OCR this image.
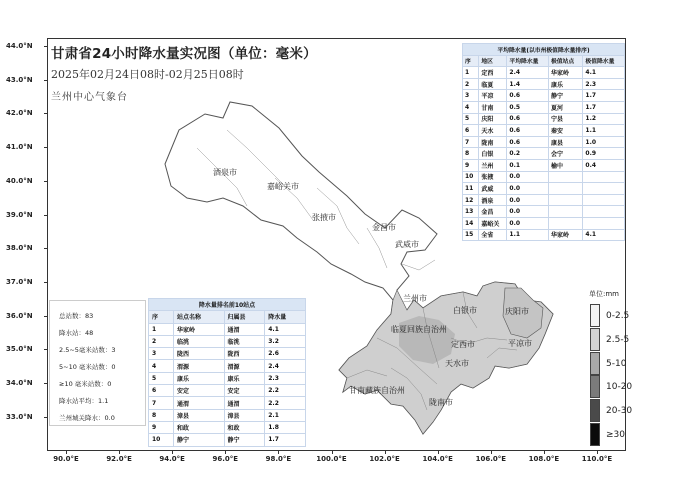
44.0°N
43.0°N
42.0°N
41.0°N
40.0°N
39.0°N
38.0°N
37.0°N
36.0°N
35.0°N
34.0°N
33.0°N
90.0°E	92.0°E	94.0°E	96.0°E	98.0°E	100.0°E	102.0°E	104.0°E	106.0°E	108.0°E	110.0°E
酒泉市
嘉峪关市
张掖市
金昌市
武威市
白银市
兰州市
庆阳市
临夏回族自治州
定西市	平凉市
天水市
甘南藏族自治州
陇南市
甘肃省24小时降水量实况图（单位：毫米）
2025年02月24日08时-02月25日08时
兰州中心气象台
平均降水量(以市州极值降水量排序)				
序	地区	平均降水量	极值站点	极值降水量
1	定西	2.4	华家岭	4.1
2	临夏	1.4	康乐	2.3
3	平凉	0.6	静宁	1.7
4	甘南	0.5	夏河	1.7
5	庆阳	0.6	宁县	1.2
6	天水	0.6	秦安	1.1
7	陇南	0.6	康县	1.0
8	白银	0.2	会宁	0.9
9	兰州	0.1	榆中	0.4
10	张掖	0.0		
11	武威	0.0		
12	酒泉	0.0		
13	金昌	0.0		
14	嘉峪关	0.0		
15	全省	1.1	华家岭	4.1
总站数：83
降水站：48
2.5~5毫米站数：3
5~10 毫米站数：0
≥10 毫米站数：0
降水站平均：1.1
兰州城关降水：0.0
降水量排名前10站点			
序	站点名称	归属县	降水量
1	华家岭	通渭	4.1
2	临洮	临洮	3.2
3	陇西	陇西	2.6
4	渭源	渭源	2.4
5	康乐	康乐	2.3
6	安定	安定	2.2
7	通渭	通渭	2.2
8	漳县	漳县	2.1
9	和政	和政	1.8
10	静宁	静宁	1.7
单位:mm
0-2.5
2.5-5
5-10
10-20
20-30
≥30
